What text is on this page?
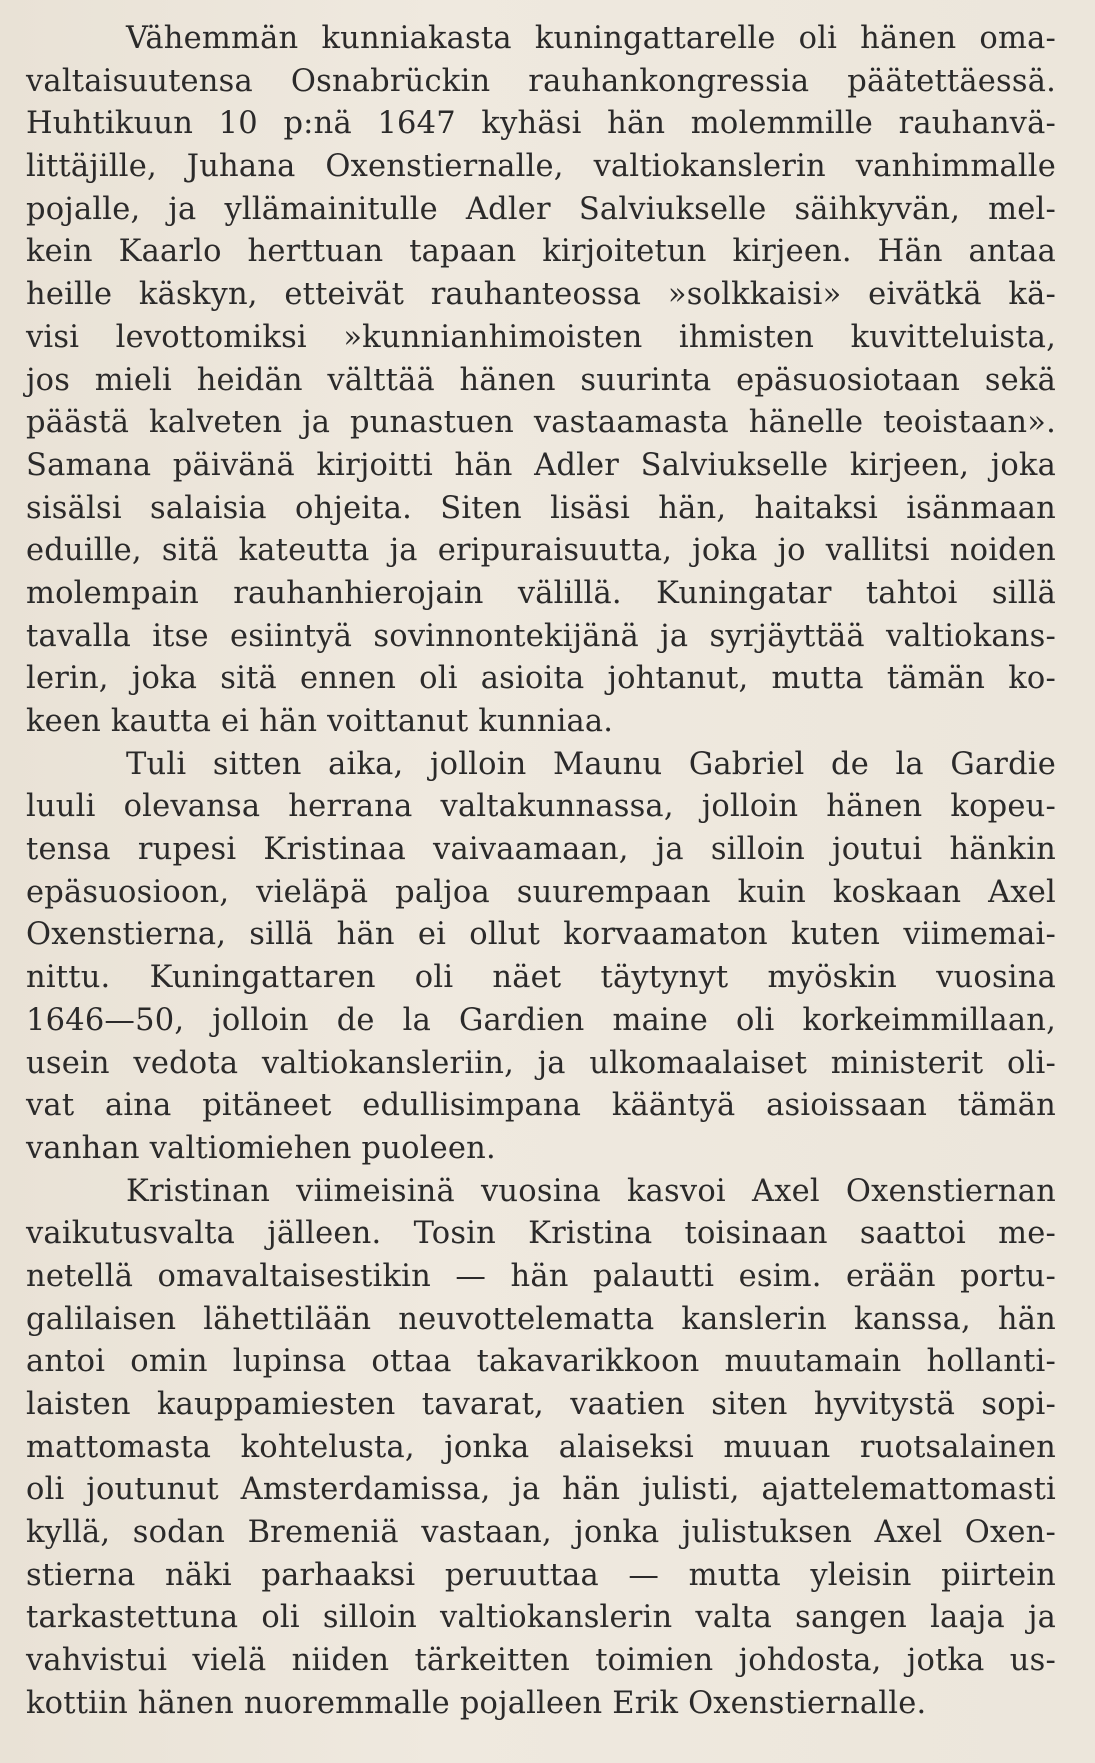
Vähemmän kunniakasta kuningattarelle oli hänen oma-
valtaisuutensa Osnabrückin rauhankongressia päätettäessä.
Huhtikuun 10 p:nä 1647 kyhäsi hän molemmille rauhanvä-
littäjille, Juhana Oxenstiernalle, valtiokanslerin vanhimmalle
pojalle, ja yllämainitulle Adler Salviukselle säihkyvän, mel-
kein Kaarlo herttuan tapaan kirjoitetun kirjeen. Hän antaa
heille käskyn, etteivät rauhanteossa »solkkaisi» eivätkä kä-
visi levottomiksi »kunnianhimoisten ihmisten kuvitteluista,
jos mieli heidän välttää hänen suurinta epäsuosiotaan sekä
päästä kalveten ja punastuen vastaamasta hänelle teoistaan».
Samana päivänä kirjoitti hän Adler Salviukselle kirjeen, joka
sisälsi salaisia ohjeita. Siten lisäsi hän, haitaksi isänmaan
eduille, sitä kateutta ja eripuraisuutta, joka jo vallitsi noiden
molempain rauhanhierojain välillä. Kuningatar tahtoi sillä
tavalla itse esiintyä sovinnontekijänä ja syrjäyttää valtiokans-
lerin, joka sitä ennen oli asioita johtanut, mutta tämän ko-
keen kautta ei hän voittanut kunniaa.
Tuli sitten aika, jolloin Maunu Gabriel de la Gardie
luuli olevansa herrana valtakunnassa, jolloin hänen kopeu-
tensa rupesi Kristinaa vaivaamaan, ja silloin joutui hänkin
epäsuosioon, vieläpä paljoa suurempaan kuin koskaan Axel
Oxenstierna, sillä hän ei ollut korvaamaton kuten viimemai-
nittu. Kuningattaren oli näet täytynyt myöskin vuosina
1646—50, jolloin de la Gardien maine oli korkeimmillaan,
usein vedota valtiokansleriin, ja ulkomaalaiset ministerit oli-
vat aina pitäneet edullisimpana kääntyä asioissaan tämän
vanhan valtiomiehen puoleen.
Kristinan viimeisinä vuosina kasvoi Axel Oxenstiernan
vaikutusvalta jälleen. Tosin Kristina toisinaan saattoi me-
netellä omavaltaisestikin — hän palautti esim. erään portu-
galilaisen lähettilään neuvottelematta kanslerin kanssa, hän
antoi omin lupinsa ottaa takavarikkoon muutamain hollanti-
laisten kauppamiesten tavarat, vaatien siten hyvitystä sopi-
mattomasta kohtelusta, jonka alaiseksi muuan ruotsalainen
oli joutunut Amsterdamissa, ja hän julisti, ajattelemattomasti
kyllä, sodan Bremeniä vastaan, jonka julistuksen Axel Oxen-
stierna näki parhaaksi peruuttaa — mutta yleisin piirtein
tarkastettuna oli silloin valtiokanslerin valta sangen laaja ja
vahvistui vielä niiden tärkeitten toimien johdosta, jotka us-
kottiin hänen nuoremmalle pojalleen Erik Oxenstiernalle.
